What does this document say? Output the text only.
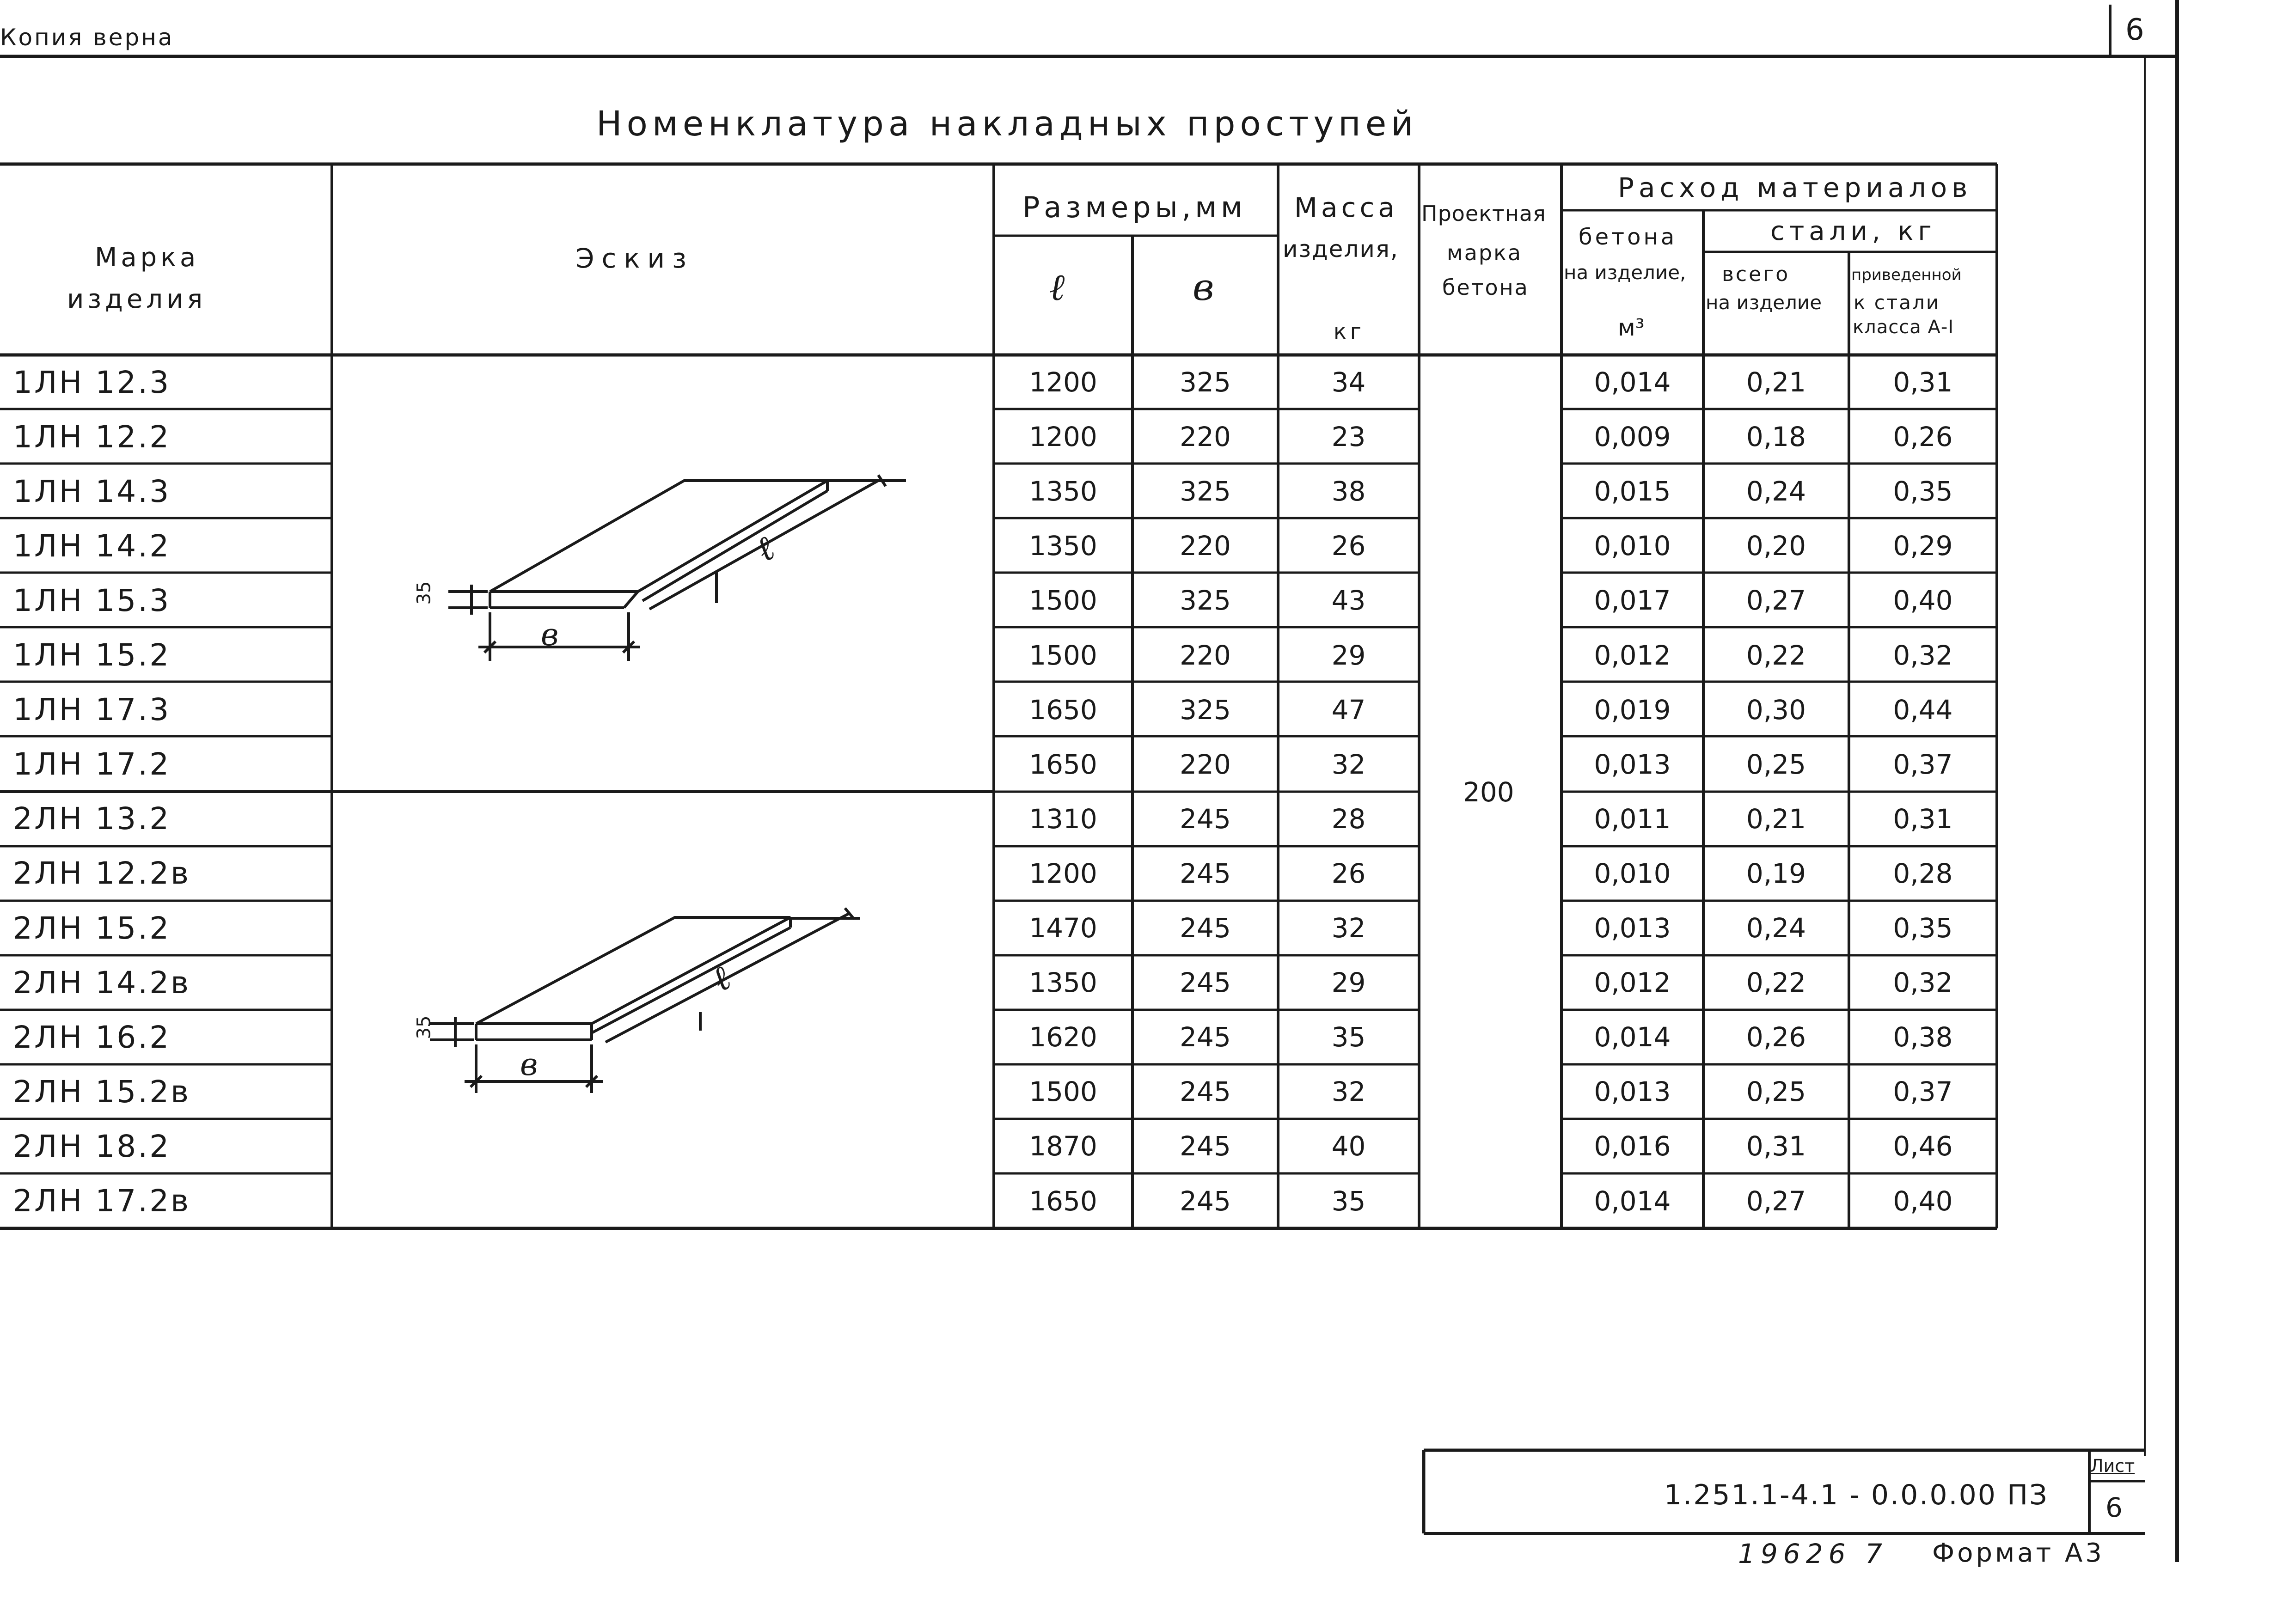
Копия верна	6
Номенклатура накладных проступей
Марка
изделия
Эскиз
Размеры,мм
ℓ	в
Масса
изделия,
кг
Проектная
марка
бетона
Расход материалов
бетона
на изделие,
м³
стали, кг
всего
на изделие
приведенной
к стали
класса А-I
200
1ЛН 12.3	1200	325	34	0,014	0,21	0,31
1ЛН 12.2	1200	220	23	0,009	0,18	0,26
1ЛН 14.3	1350	325	38	0,015	0,24	0,35
1ЛН 14.2	1350	220	26	0,010	0,20	0,29
1ЛН 15.3	1500	325	43	0,017	0,27	0,40
1ЛН 15.2	1500	220	29	0,012	0,22	0,32
1ЛН 17.3	1650	325	47	0,019	0,30	0,44
1ЛН 17.2	1650	220	32	0,013	0,25	0,37
2ЛН 13.2	1310	245	28	0,011	0,21	0,31
2ЛН 12.2в	1200	245	26	0,010	0,19	0,28
2ЛН 15.2	1470	245	32	0,013	0,24	0,35
2ЛН 14.2в	1350	245	29	0,012	0,22	0,32
2ЛН 16.2	1620	245	35	0,014	0,26	0,38
2ЛН 15.2в	1500	245	32	0,013	0,25	0,37
2ЛН 18.2	1870	245	40	0,016	0,31	0,46
2ЛН 17.2в	1650	245	35	0,014	0,27	0,40
35
в
ℓ
35
в
ℓ
1.251.1-4.1 - 0.0.0.00 ПЗ
Лист
6
19626 7 Формат А3
